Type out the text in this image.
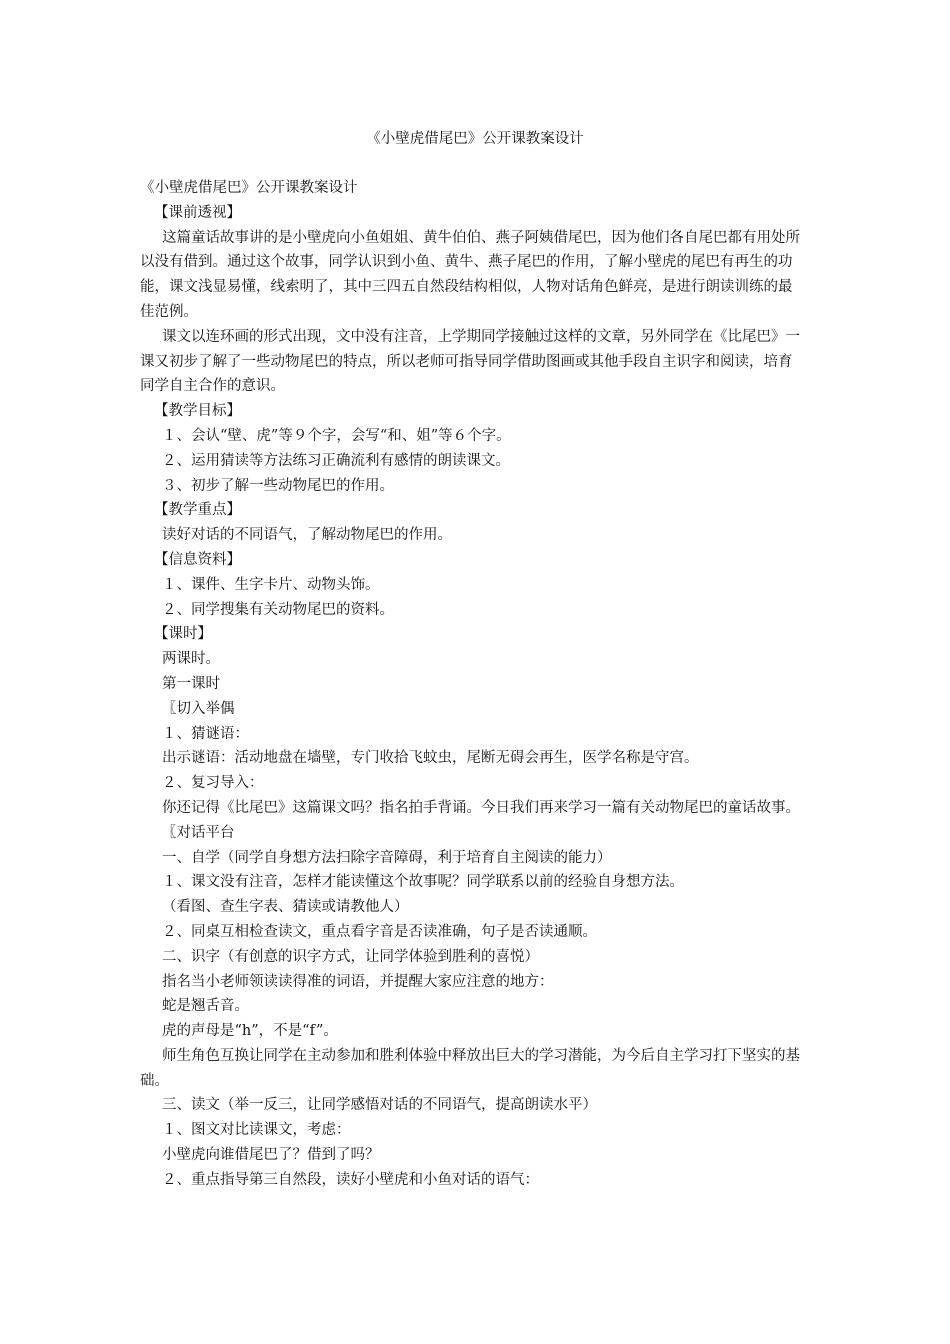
《小壁虎借尾巴》公开课教案设计

《小壁虎借尾巴》公开课教案设计

【课前透视】

这篇童话故事讲的是小壁虎向小鱼姐姐、黄牛伯伯、燕子阿姨借尾巴，因为他们各自尾巴都有用处所以没有借到。通过这个故事，同学认识到小鱼、黄牛、燕子尾巴的作用，了解小壁虎的尾巴有再生的功能，课文浅显易懂，线索明了，其中三四五自然段结构相似，人物对话角色鲜亮，是进行朗读训练的最佳范例。

课文以连环画的形式出现，文中没有注音，上学期同学接触过这样的文章，另外同学在《比尾巴》一课又初步了解了一些动物尾巴的特点，所以老师可指导同学借助图画或其他手段自主识字和阅读，培育同学自主合作的意识。

【教学目标】

１、会认“壁、虎”等９个字，会写“和、姐”等６个字。

２、运用猜读等方法练习正确流利有感情的朗读课文。

３、初步了解一些动物尾巴的作用。

【教学重点】

读好对话的不同语气，了解动物尾巴的作用。

【信息资料】

１、课件、生字卡片、动物头饰。

２、同学搜集有关动物尾巴的资料。

【课时】

两课时。

第一课时

〖切入举偶

１、猜谜语：

出示谜语：活动地盘在墙壁，专门收拾飞蚊虫，尾断无碍会再生，医学名称是守宫。

２、复习导入：

你还记得《比尾巴》这篇课文吗？指名拍手背诵。今日我们再来学习一篇有关动物尾巴的童话故事。

〖对话平台

一、自学（同学自身想方法扫除字音障碍，利于培育自主阅读的能力）

１、课文没有注音，怎样才能读懂这个故事呢？同学联系以前的经验自身想方法。

（看图、查生字表、猜读或请教他人）

２、同桌互相检查读文，重点看字音是否读准确，句子是否读通顺。

二、识字（有创意的识字方式，让同学体验到胜利的喜悦）

指名当小老师领读读得准的词语，并提醒大家应注意的地方：

蛇是翘舌音。

虎的声母是“h”，不是“f”。

师生角色互换让同学在主动参加和胜利体验中释放出巨大的学习潜能，为今后自主学习打下坚实的基础。

三、读文（举一反三，让同学感悟对话的不同语气，提高朗读水平）

１、图文对比读课文，考虑：

小壁虎向谁借尾巴了？借到了吗？

２、重点指导第三自然段，读好小壁虎和小鱼对话的语气：
